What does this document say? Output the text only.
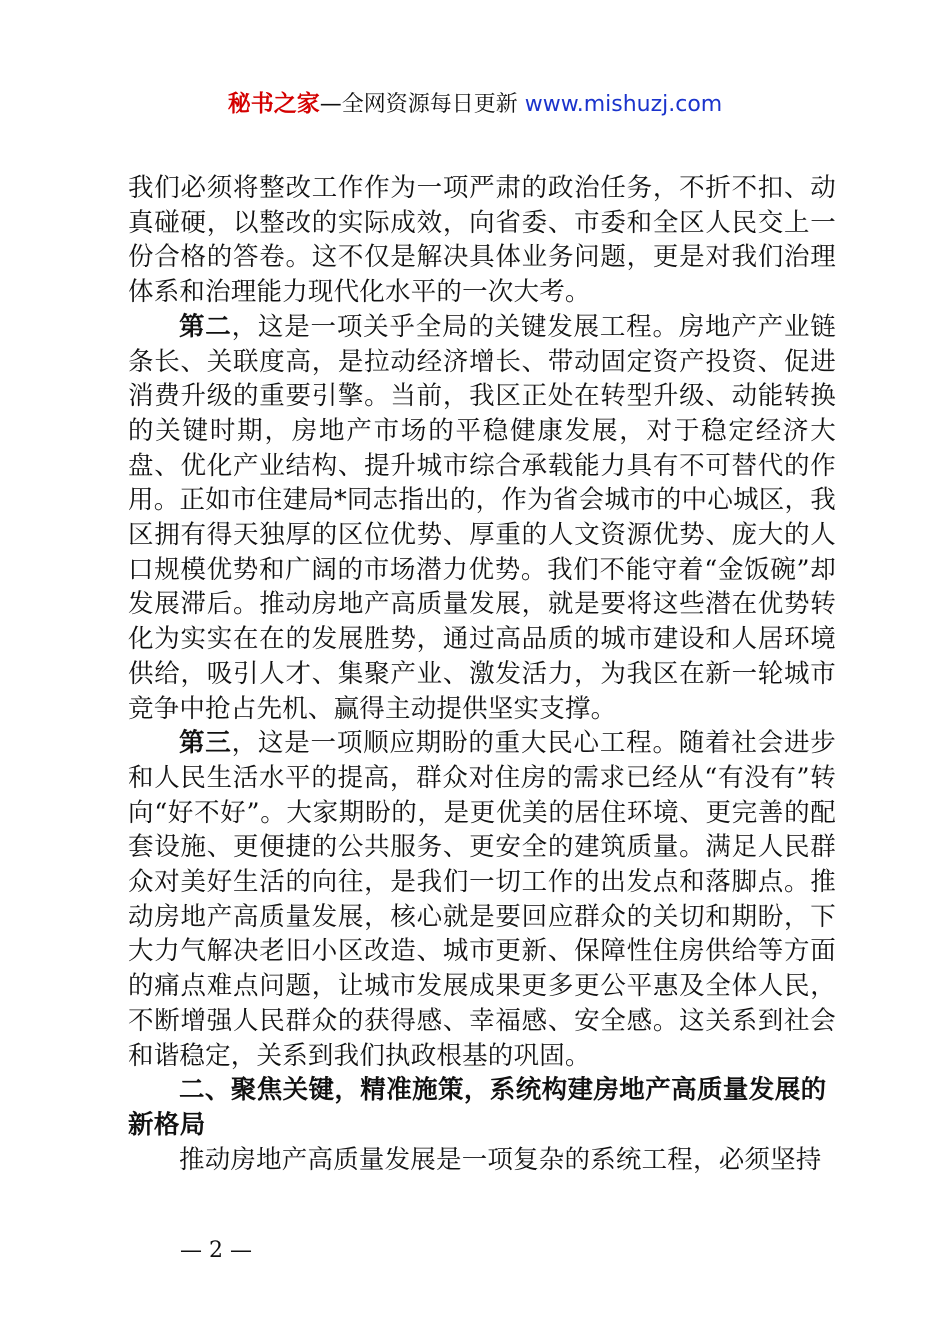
秘书之家—全网资源每日更新 www.mishuzj.com

我们必须将整改工作作为一项严肃的政治任务，不折不扣、动真碰硬，以整改的实际成效，向省委、市委和全区人民交上一份合格的答卷。这不仅是解决具体业务问题，更是对我们治理体系和治理能力现代化水平的一次大考。

第二，这是一项关乎全局的关键发展工程。房地产产业链条长、关联度高，是拉动经济增长、带动固定资产投资、促进消费升级的重要引擎。当前，我区正处在转型升级、动能转换的关键时期，房地产市场的平稳健康发展，对于稳定经济大盘、优化产业结构、提升城市综合承载能力具有不可替代的作用。正如市住建局*同志指出的，作为省会城市的中心城区，我区拥有得天独厚的区位优势、厚重的人文资源优势、庞大的人口规模优势和广阔的市场潜力优势。我们不能守着“金饭碗”却发展滞后。推动房地产高质量发展，就是要将这些潜在优势转化为实实在在的发展胜势，通过高品质的城市建设和人居环境供给，吸引人才、集聚产业、激发活力，为我区在新一轮城市竞争中抢占先机、赢得主动提供坚实支撑。

第三，这是一项顺应期盼的重大民心工程。随着社会进步和人民生活水平的提高，群众对住房的需求已经从“有没有”转向“好不好”。大家期盼的，是更优美的居住环境、更完善的配套设施、更便捷的公共服务、更安全的建筑质量。满足人民群众对美好生活的向往，是我们一切工作的出发点和落脚点。推动房地产高质量发展，核心就是要回应群众的关切和期盼，下大力气解决老旧小区改造、城市更新、保障性住房供给等方面的痛点难点问题，让城市发展成果更多更公平惠及全体人民，不断增强人民群众的获得感、幸福感、安全感。这关系到社会和谐稳定，关系到我们执政根基的巩固。

二、聚焦关键，精准施策，系统构建房地产高质量发展的新格局

推动房地产高质量发展是一项复杂的系统工程，必须坚持

— 2 —
